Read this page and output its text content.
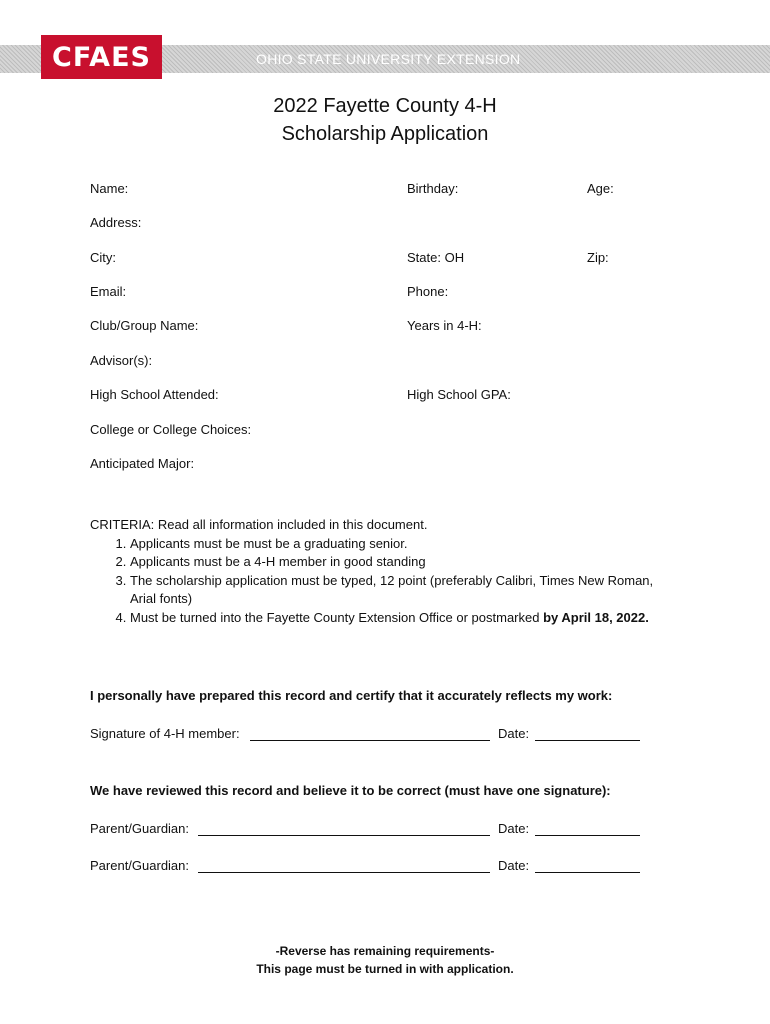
OHIO STATE UNIVERSITY EXTENSION
CFAES
2022 Fayette County 4-H
Scholarship Application
Name:	Birthday:	Age:
Address:
City:	State: OH	Zip:
Email:	Phone:
Club/Group Name:	Years in 4-H:
Advisor(s):
High School Attended:	High School GPA:
College or College Choices:
Anticipated Major:
CRITERIA: Read all information included in this document.
1. Applicants must be must be a graduating senior.
2. Applicants must be a 4-H member in good standing
3. The scholarship application must be typed, 12 point (preferably Calibri, Times New Roman, Arial fonts)
4. Must be turned into the Fayette County Extension Office or postmarked by April 18, 2022.
I personally have prepared this record and certify that it accurately reflects my work:
Signature of 4-H member:	Date:
We have reviewed this record and believe it to be correct (must have one signature):
Parent/Guardian:	Date:
Parent/Guardian:	Date:
-Reverse has remaining requirements-
This page must be turned in with application.
